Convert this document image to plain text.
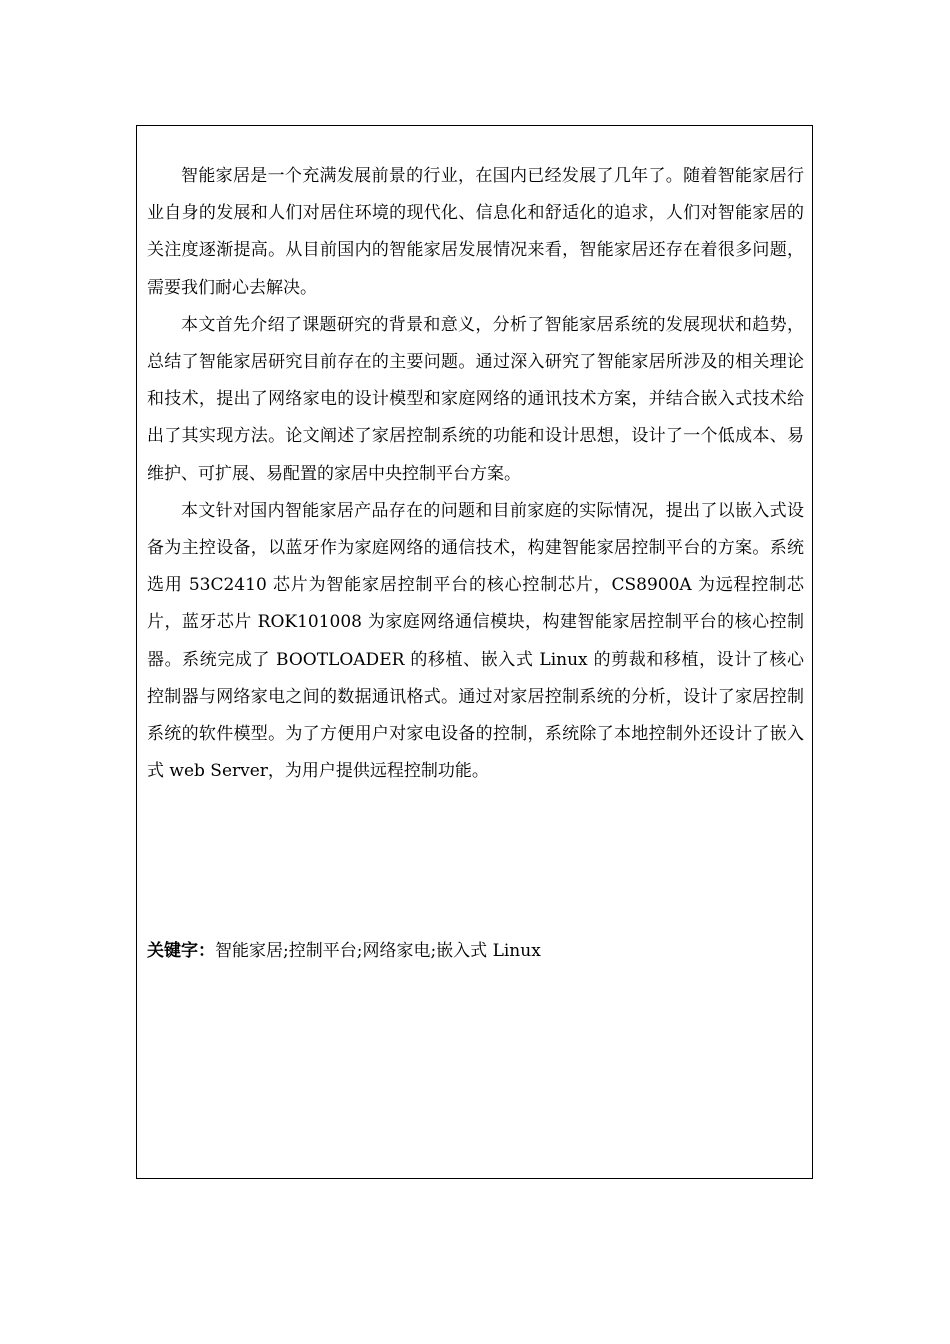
智能家居是一个充满发展前景的行业，在国内已经发展了几年了。随着智能家居行业自身的发展和人们对居住环境的现代化、信息化和舒适化的追求，人们对智能家居的关注度逐渐提高。从目前国内的智能家居发展情况来看，智能家居还存在着很多问题，需要我们耐心去解决。

本文首先介绍了课题研究的背景和意义，分析了智能家居系统的发展现状和趋势，总结了智能家居研究目前存在的主要问题。通过深入研究了智能家居所涉及的相关理论和技术，提出了网络家电的设计模型和家庭网络的通讯技术方案，并结合嵌入式技术给出了其实现方法。论文阐述了家居控制系统的功能和设计思想，设计了一个低成本、易维护、可扩展、易配置的家居中央控制平台方案。

本文针对国内智能家居产品存在的问题和目前家庭的实际情况，提出了以嵌入式设备为主控设备，以蓝牙作为家庭网络的通信技术，构建智能家居控制平台的方案。系统选用 53C2410 芯片为智能家居控制平台的核心控制芯片，CS8900A 为远程控制芯片，蓝牙芯片 ROK101008 为家庭网络通信模块，构建智能家居控制平台的核心控制器。系统完成了 BOOTLOADER 的移植、嵌入式 Linux 的剪裁和移植，设计了核心控制器与网络家电之间的数据通讯格式。通过对家居控制系统的分析，设计了家居控制系统的软件模型。为了方便用户对家电设备的控制，系统除了本地控制外还设计了嵌入式 web Server，为用户提供远程控制功能。

关键字：智能家居;控制平台;网络家电;嵌入式 Linux
